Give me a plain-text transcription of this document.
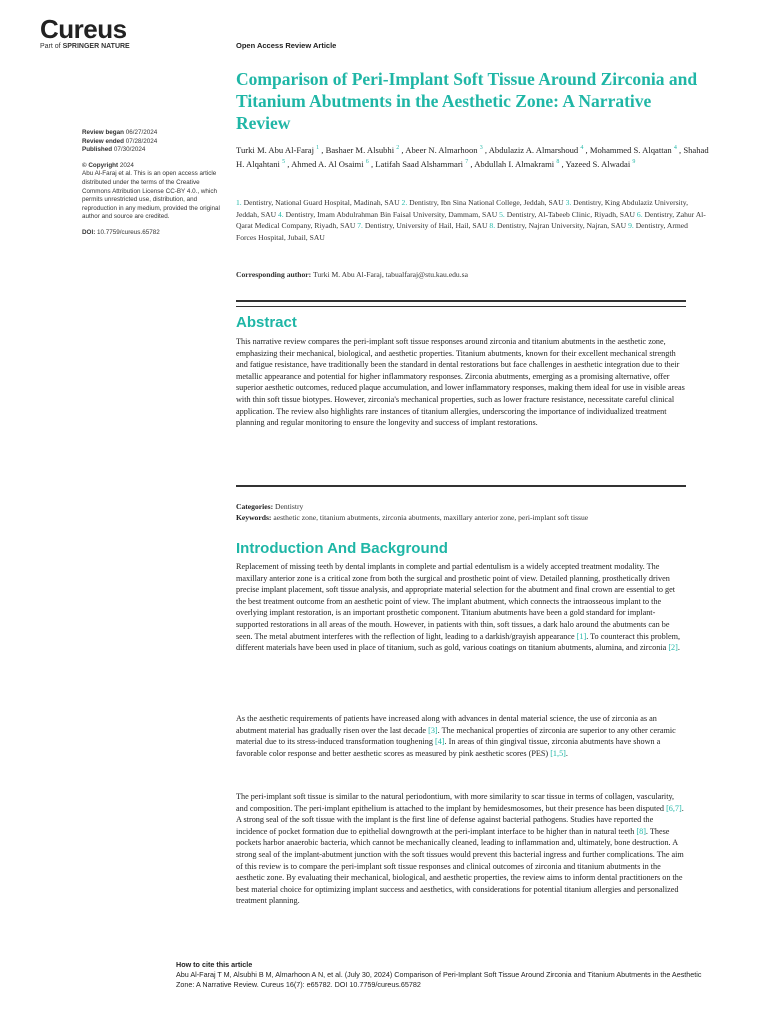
Cureus
Part of SPRINGER NATURE	Open Access Review Article
Comparison of Peri-Implant Soft Tissue Around Zirconia and Titanium Abutments in the Aesthetic Zone: A Narrative Review
Review began 06/27/2024
Review ended 07/28/2024
Published 07/30/2024
© Copyright 2024
Abu Al-Faraj et al. This is an open access article distributed under the terms of the Creative Commons Attribution License CC-BY 4.0., which permits unrestricted use, distribution, and reproduction in any medium, provided the original author and source are credited.
DOI: 10.7759/cureus.65782
Turki M. Abu Al-Faraj $^1$ , Bashaer M. Alsubhi $^2$ , Abeer N. Almarhoon $^3$ , Abdulaziz A. Almarshoud $^4$ , Mohammed S. Alqattan $^4$ , Shahad H. Alqahtani $^5$ , Ahmed A. Al Osaimi $^6$ , Latifah Saad Alshammari $^7$ , Abdullah I. Almakrami $^8$ , Yazeed S. Alwadai $^9$
1. Dentistry, National Guard Hospital, Madinah, SAU 2. Dentistry, Ibn Sina National College, Jeddah, SAU 3. Dentistry, King Abdulaziz University, Jeddah, SAU 4. Dentistry, Imam Abdulrahman Bin Faisal University, Dammam, SAU 5. Dentistry, Al-Tabeeb Clinic, Riyadh, SAU 6. Dentistry, Zahur Al-Qarat Medical Company, Riyadh, SAU 7. Dentistry, University of Hail, Hail, SAU 8. Dentistry, Najran University, Najran, SAU 9. Dentistry, Armed Forces Hospital, Jubail, SAU
Corresponding author: Turki M. Abu Al-Faraj, tabualfaraj@stu.kau.edu.sa
Abstract

This narrative review compares the peri-implant soft tissue responses around zirconia and titanium abutments in the aesthetic zone, emphasizing their mechanical, biological, and aesthetic properties. Titanium abutments, known for their excellent mechanical strength and fatigue resistance, have traditionally been the standard in dental restorations but face challenges in aesthetic integration due to their metallic appearance and potential for higher inflammatory responses. Zirconia abutments, emerging as a promising alternative, offer superior aesthetic outcomes, reduced plaque accumulation, and lower inflammatory responses, making them ideal for use in visible areas with thin soft tissue biotypes. However, zirconia's mechanical properties, such as lower fracture resistance, necessitate careful clinical application. The review also highlights rare instances of titanium allergies, underscoring the importance of individualized treatment planning and regular monitoring to ensure the longevity and success of implant restorations.

Categories: Dentistry
Keywords: aesthetic zone, titanium abutments, zirconia abutments, maxillary anterior zone, peri-implant soft tissue
Introduction And Background

Replacement of missing teeth by dental implants in complete and partial edentulism is a widely accepted treatment modality. The maxillary anterior zone is a critical zone from both the surgical and prosthetic point of view. Detailed planning, prosthetically driven precise implant placement, soft tissue analysis, and appropriate material selection for the abutment and final crown are essential to get the best treatment outcome from an aesthetic point of view. The implant abutment, which connects the intraosseous implant to the overlying implant restoration, is an important prosthetic component. Titanium abutments have been a gold standard for implant-supported restorations in all areas of the mouth. However, in patients with thin, soft tissues, a dark halo around the abutments can be seen. The metal abutment interferes with the reflection of light, leading to a darkish/grayish appearance [1]. To counteract this problem, different materials have been used in place of titanium, such as gold, various coatings on titanium abutments, alumina, and zirconia [2].

As the aesthetic requirements of patients have increased along with advances in dental material science, the use of zirconia as an abutment material has gradually risen over the last decade [3]. The mechanical properties of zirconia are superior to any other ceramic material due to its stress-induced transformation toughening [4]. In areas of thin gingival tissue, zirconia abutments have shown a favorable color response and better aesthetic scores as measured by pink aesthetic scores (PES) [1,5].

The peri-implant soft tissue is similar to the natural periodontium, with more similarity to scar tissue in terms of collagen, vascularity, and composition. The peri-implant epithelium is attached to the implant by hemidesmosomes, but their presence has been disputed [6,7]. A strong seal of the soft tissue with the implant is the first line of defense against bacterial pathogens. Studies have reported the incidence of pocket formation due to epithelial downgrowth at the peri-implant interface to be higher than in natural teeth [8]. These pockets harbor anaerobic bacteria, which cannot be mechanically cleaned, leading to inflammation and, ultimately, bone destruction. A strong seal of the implant-abutment junction with the soft tissues would prevent this bacterial ingress and further complications. The aim of this review is to compare the peri-implant soft tissue responses and clinical outcomes of zirconia and titanium abutments in the aesthetic zone. By evaluating their mechanical, biological, and aesthetic properties, the review aims to inform dental practitioners on the best material choice for optimizing implant success and aesthetics, with considerations for potential titanium allergies and personalized treatment planning.

How to cite this article
Abu Al-Faraj T M, Alsubhi B M, Almarhoon A N, et al. (July 30, 2024) Comparison of Peri-Implant Soft Tissue Around Zirconia and Titanium Abutments in the Aesthetic Zone: A Narrative Review. Cureus 16(7): e65782. DOI 10.7759/cureus.65782
